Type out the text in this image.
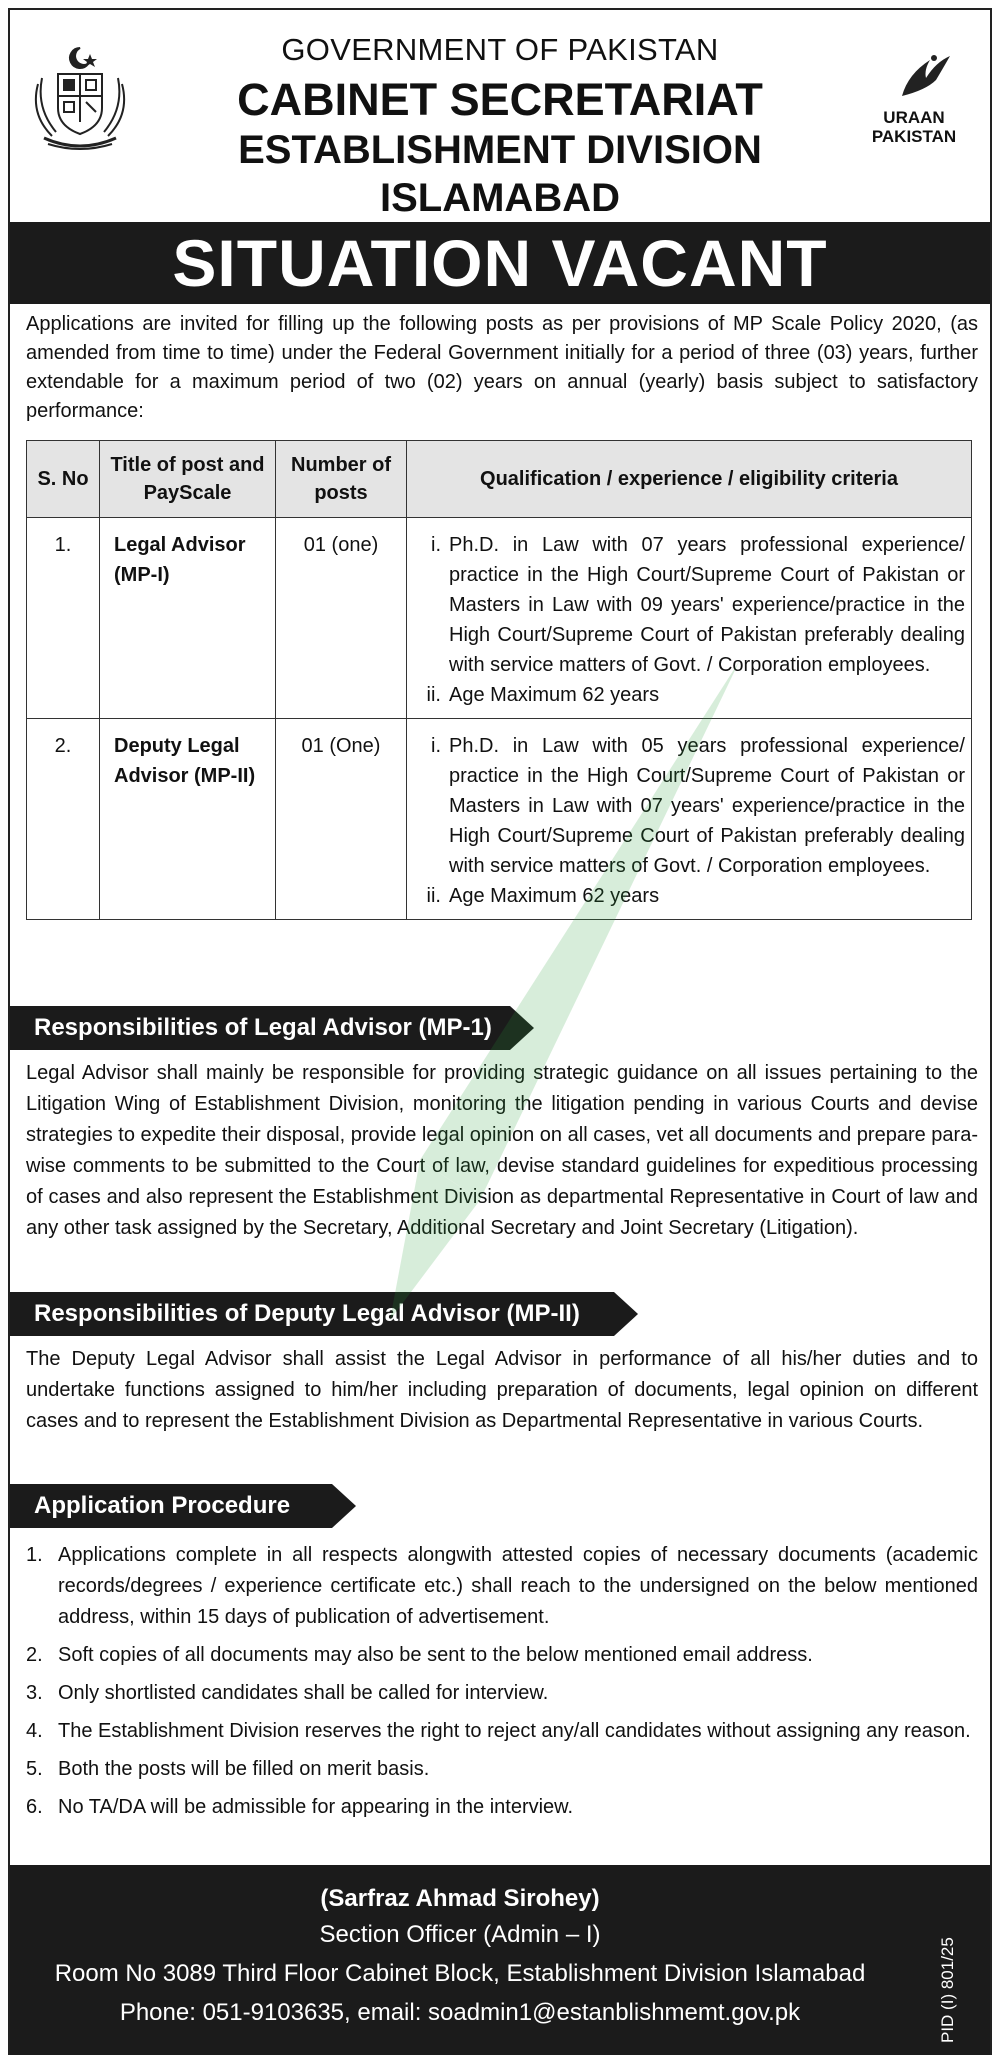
GOVERNMENT OF PAKISTAN
CABINET SECRETARIAT
ESTABLISHMENT DIVISION
ISLAMABAD
URAAN PAKISTAN
SITUATION VACANT

Applications are invited for filling up the following posts as per provisions of MP Scale Policy 2020, (as amended from time to time) under the Federal Government initially for a period of three (03) years, further extendable for a maximum period of two (02) years on annual (yearly) basis subject to satisfactory performance:

S. No	Title of post and PayScale	Number of posts	Qualification / experience / eligibility criteria
1.	Legal Advisor (MP-I)	01 (one)	i. Ph.D. in Law with 07 years professional experience/ practice in the High Court/Supreme Court of Pakistan or Masters in Law with 09 years' experience/practice in the High Court/Supreme Court of Pakistan preferably dealing with service matters of Govt. / Corporation employees.
ii. Age Maximum 62 years

2.	Deputy Legal Advisor (MP-II)	01 (One)	i. Ph.D. in Law with 05 years professional experience/ practice in the High Court/Supreme Court of Pakistan or Masters in Law with 07 years' experience/practice in the High Court/Supreme Court of Pakistan preferably dealing with service matters of Govt. / Corporation employees.
ii. Age Maximum 62 years
Responsibilities of Legal Advisor (MP-1)

Legal Advisor shall mainly be responsible for providing strategic guidance on all issues pertaining to the Litigation Wing of Establishment Division, monitoring the litigation pending in various Courts and devise strategies to expedite their disposal, provide legal opinion on all cases, vet all documents and prepare para-wise comments to be submitted to the Court of law, devise standard guidelines for expeditious processing of cases and also represent the Establishment Division as departmental Representative in Court of law and any other task assigned by the Secretary, Additional Secretary and Joint Secretary (Litigation).

Responsibilities of Deputy Legal Advisor (MP-II)

The Deputy Legal Advisor shall assist the Legal Advisor in performance of all his/her duties and to undertake functions assigned to him/her including preparation of documents, legal opinion on different cases and to represent the Establishment Division as Departmental Representative in various Courts.

Application Procedure
1. Applications complete in all respects alongwith attested copies of necessary documents (academic records/degrees / experience certificate etc.) shall reach to the undersigned on the below mentioned address, within 15 days of publication of advertisement.
2. Soft copies of all documents may also be sent to the below mentioned email address.
3. Only shortlisted candidates shall be called for interview.
4. The Establishment Division reserves the right to reject any/all candidates without assigning any reason.
5. Both the posts will be filled on merit basis.
6. No TA/DA will be admissible for appearing in the interview.
(Sarfraz Ahmad Sirohey)
Section Officer (Admin – I)
Room No 3089 Third Floor Cabinet Block, Establishment Division Islamabad
Phone: 051-9103635, email: soadmin1@estanblishmemt.gov.pk	PID (I) 801/25
